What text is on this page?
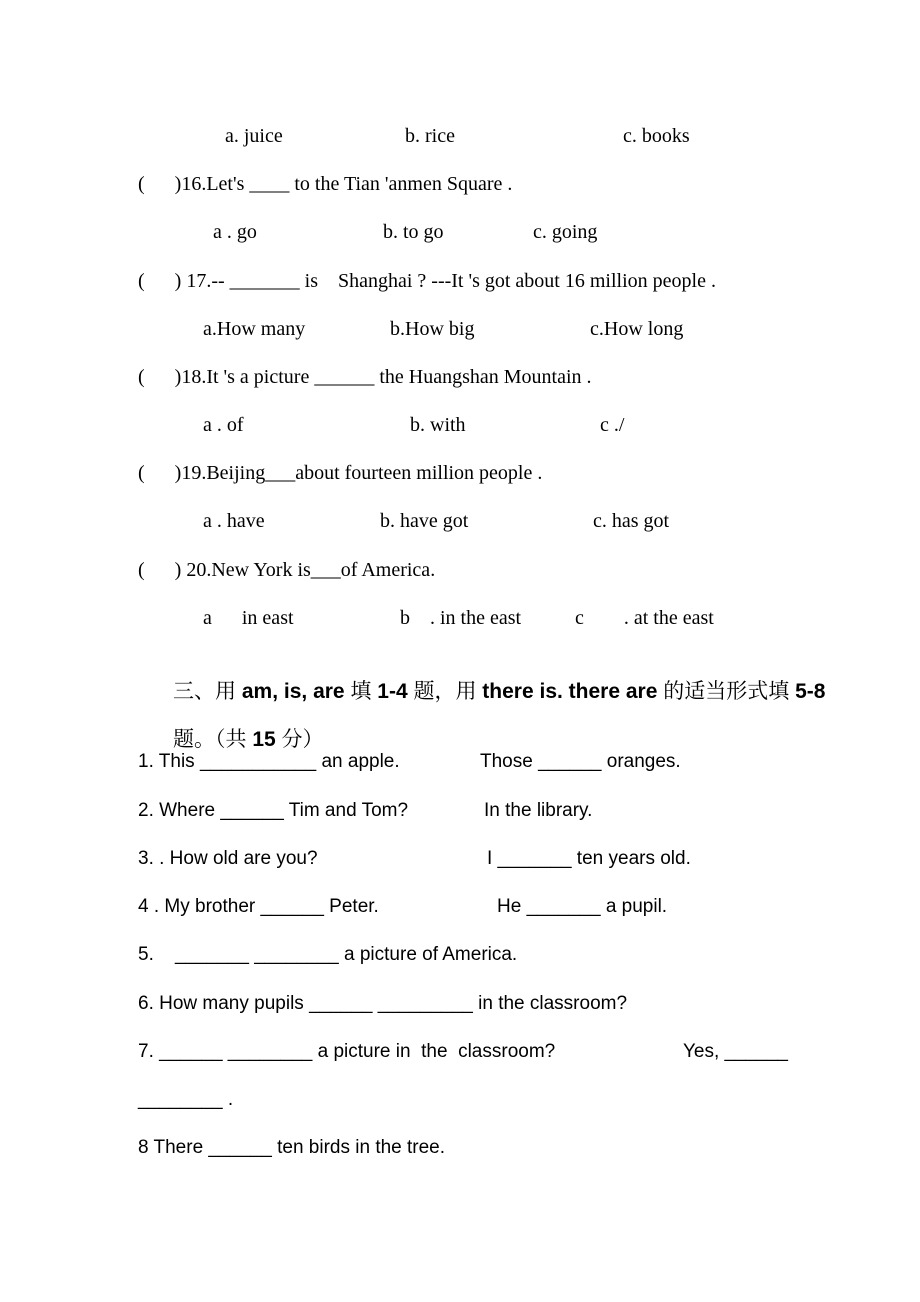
a. juice	b. rice	c. books
(      )16.Let's ____ to the Tian 'anmen Square .
a . go	b. to go	c. going
(      ) 17.-- _______ is    Shanghai ? ---It 's got about 16 million people .
a.How many	b.How big	c.How long
(      )18.It 's a picture ______ the Huangshan Mountain .
a . of	b. with	c ./
(      )19.Beijing___about fourteen million people .
a . have	b. have got	c. has got
(      ) 20.New York is___of America.
a      in east	b    . in the east	c        . at the east

三、用 am, is, are 填 1-4 题，用 there is. there are 的适当形式填 5-8

题。（共 15 分）

1. This ___________ an apple.	Those ______ oranges.
2. Where ______ Tim and Tom?	In the library.
3. . How old are you?	I _______ ten years old.
4 . My brother ______ Peter.	He _______ a pupil.
5.    _______ ________ a picture of America.
6. How many pupils ______ _________ in the classroom?
7. ______ ________ a picture in  the  classroom?	Yes, ______
________ .
8 There ______ ten birds in the tree.
